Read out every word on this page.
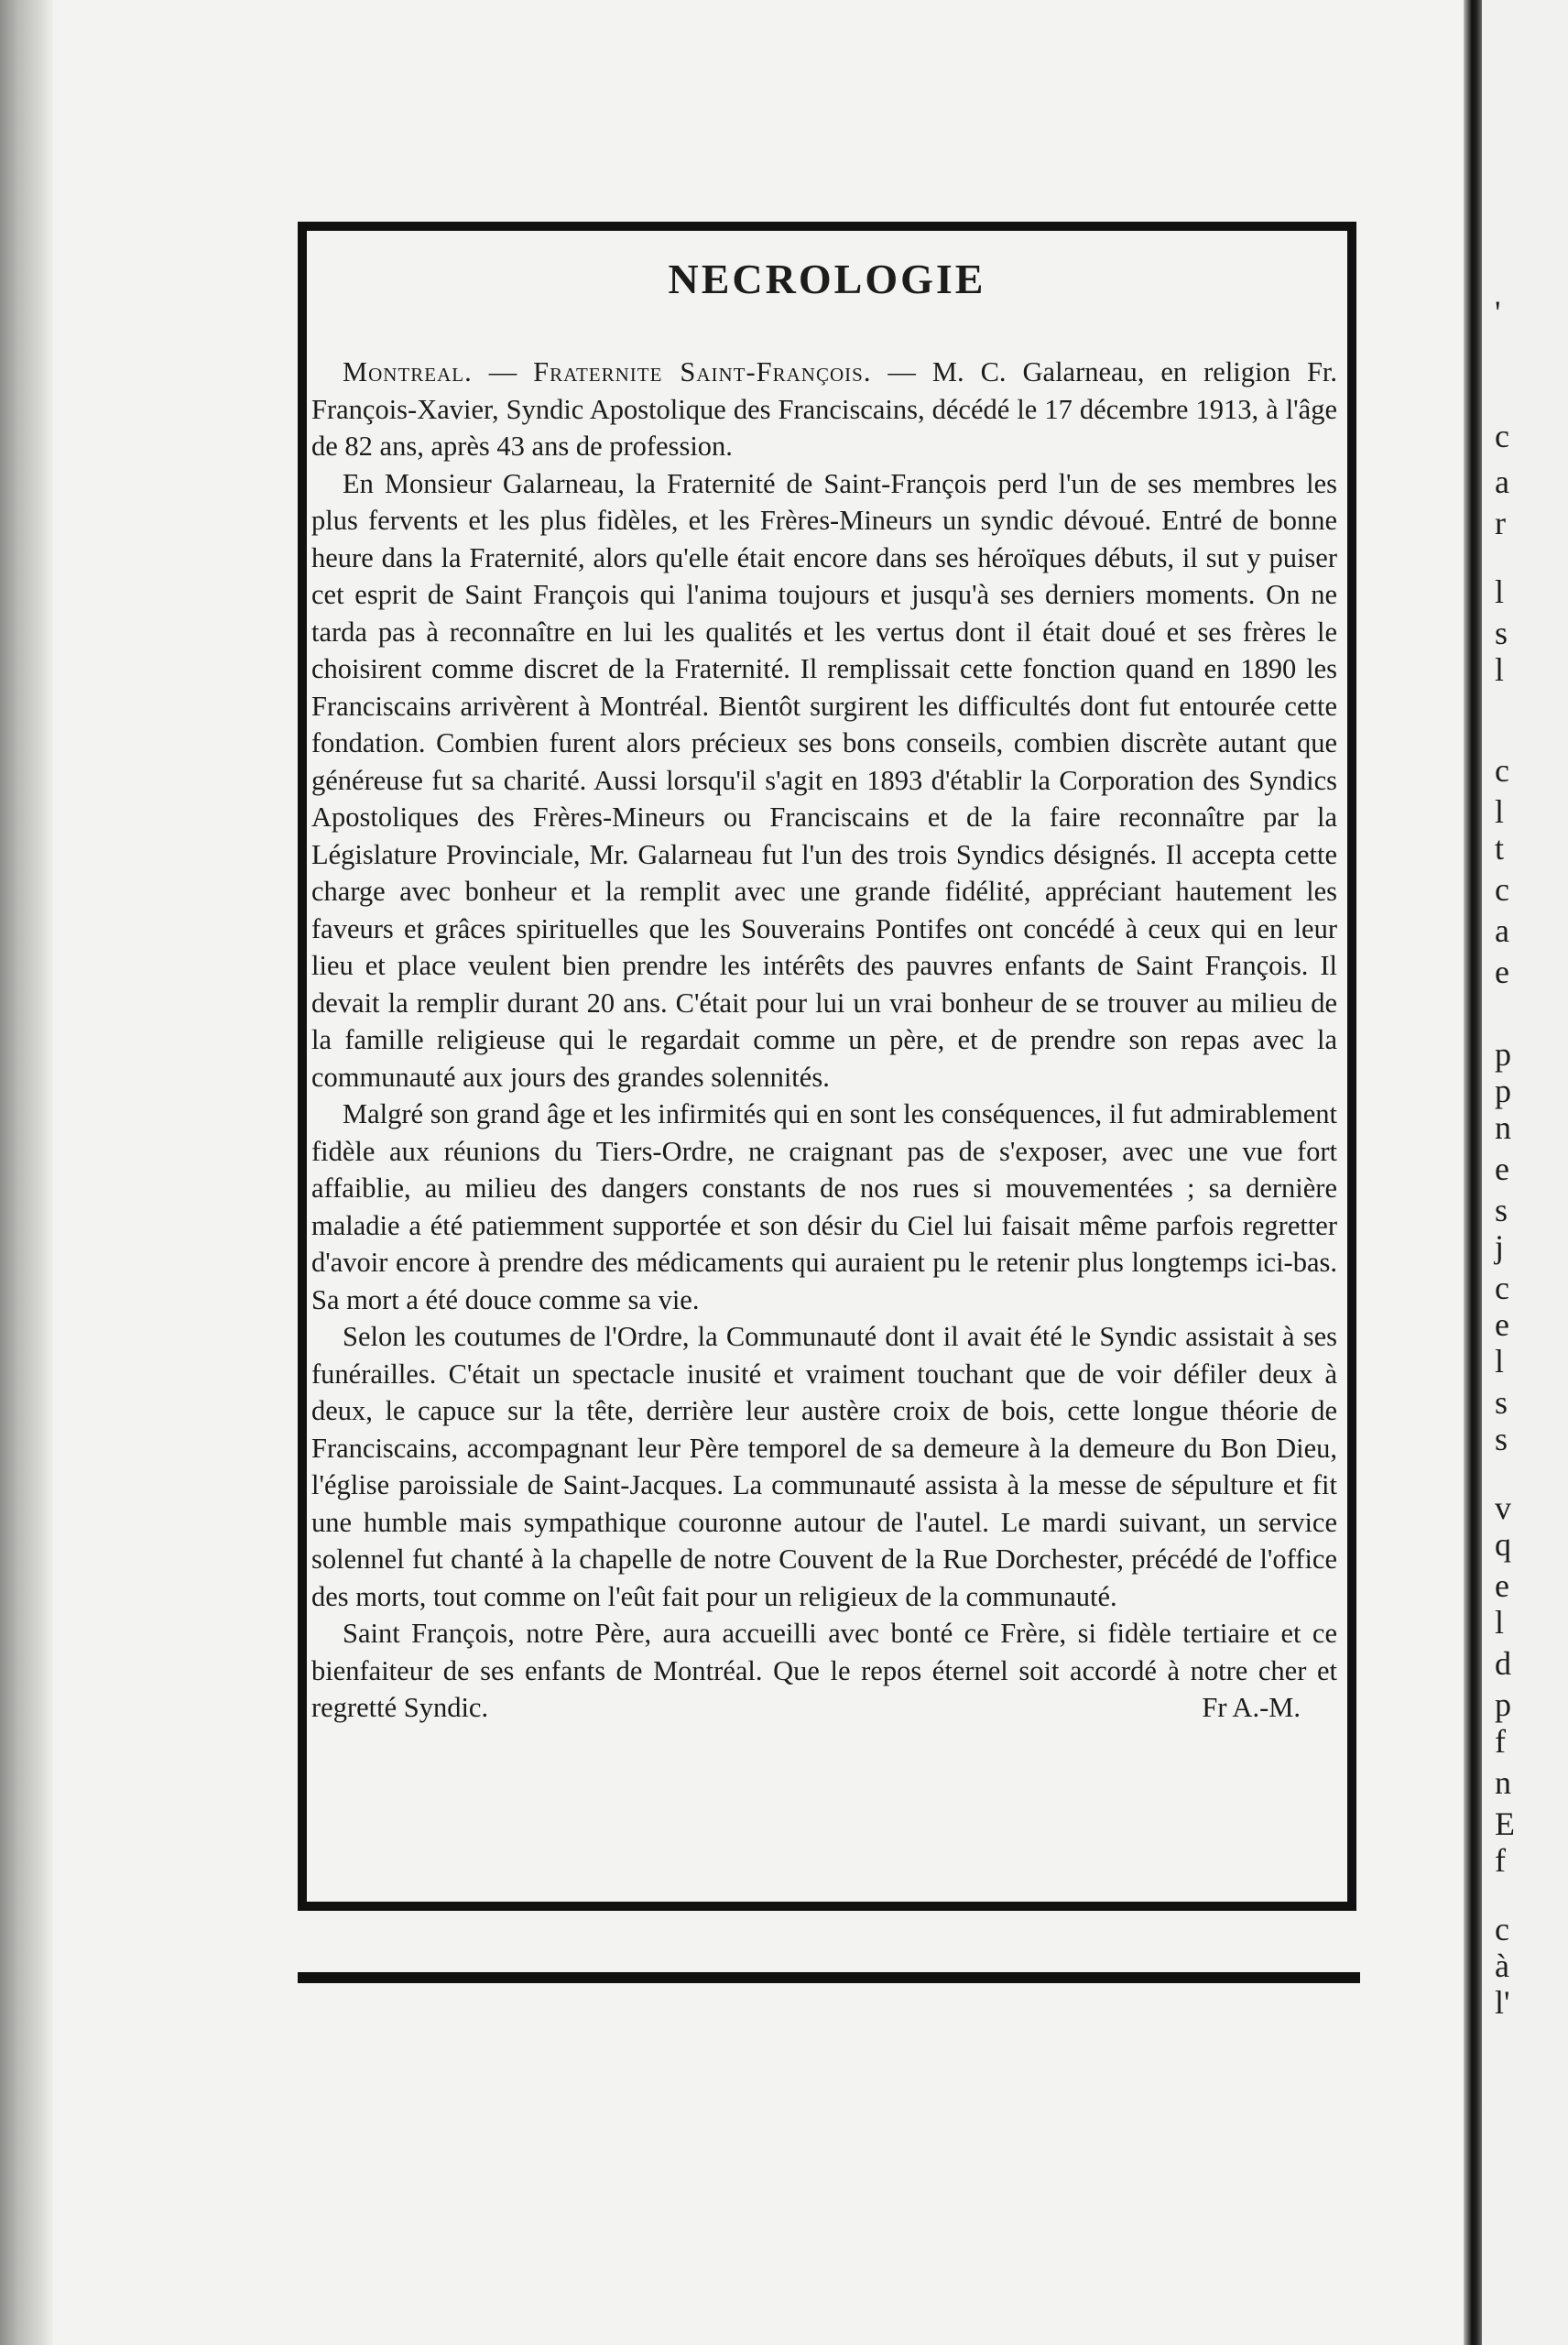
'
c
a
r
l
s
l
c
l
t
c
a
e
p
p
n
e
s
j
c
e
l
s
s
v
q
e
l
d
p
f
n
E
f
c
à
l'
NECROLOGIE

Montreal. — Fraternite Saint-François. — M. C. Galarneau, en religion Fr. François-Xavier, Syndic Apostolique des Franciscains, décédé le 17 décembre 1913, à l'âge de 82 ans, après 43 ans de profession.

En Monsieur Galarneau, la Fraternité de Saint-François perd l'un de ses membres les plus fervents et les plus fidèles, et les Frères-Mineurs un syndic dévoué. Entré de bonne heure dans la Fraternité, alors qu'elle était encore dans ses héroïques débuts, il sut y puiser cet esprit de Saint François qui l'anima toujours et jusqu'à ses derniers moments. On ne tarda pas à reconnaître en lui les qualités et les vertus dont il était doué et ses frères le choisirent comme discret de la Fraternité. Il remplissait cette fonction quand en 1890 les Franciscains arrivèrent à Montréal. Bientôt surgirent les difficultés dont fut entourée cette fondation. Combien furent alors précieux ses bons conseils, combien discrète autant que généreuse fut sa charité. Aussi lorsqu'il s'agit en 1893 d'établir la Corporation des Syndics Apostoliques des Frères-Mineurs ou Franciscains et de la faire reconnaître par la Législature Provinciale, Mr. Galarneau fut l'un des trois Syndics désignés. Il accepta cette charge avec bonheur et la remplit avec une grande fidélité, appréciant hautement les faveurs et grâces spirituelles que les Souverains Pontifes ont concédé à ceux qui en leur lieu et place veulent bien prendre les intérêts des pauvres enfants de Saint François. Il devait la remplir durant 20 ans. C'était pour lui un vrai bonheur de se trouver au milieu de la famille religieuse qui le regardait comme un père, et de prendre son repas avec la communauté aux jours des grandes solennités.

Malgré son grand âge et les infirmités qui en sont les conséquences, il fut admirablement fidèle aux réunions du Tiers-Ordre, ne craignant pas de s'exposer, avec une vue fort affaiblie, au milieu des dangers constants de nos rues si mouvementées ; sa dernière maladie a été patiemment supportée et son désir du Ciel lui faisait même parfois regretter d'avoir encore à prendre des médicaments qui auraient pu le retenir plus longtemps ici-bas. Sa mort a été douce comme sa vie.

Selon les coutumes de l'Ordre, la Communauté dont il avait été le Syndic assistait à ses funérailles. C'était un spectacle inusité et vraiment touchant que de voir défiler deux à deux, le capuce sur la tête, derrière leur austère croix de bois, cette longue théorie de Franciscains, accompagnant leur Père temporel de sa demeure à la demeure du Bon Dieu, l'église paroissiale de Saint-Jacques. La communauté assista à la messe de sépulture et fit une humble mais sympathique couronne autour de l'autel. Le mardi suivant, un service solennel fut chanté à la chapelle de notre Couvent de la Rue Dorchester, précédé de l'office des morts, tout comme on l'eût fait pour un religieux de la communauté.

Saint François, notre Père, aura accueilli avec bonté ce Frère, si fidèle tertiaire et ce bienfaiteur de ses enfants de Montréal. Que le repos éternel soit accordé à notre cher et regretté Syndic.	Fr A.-M.
